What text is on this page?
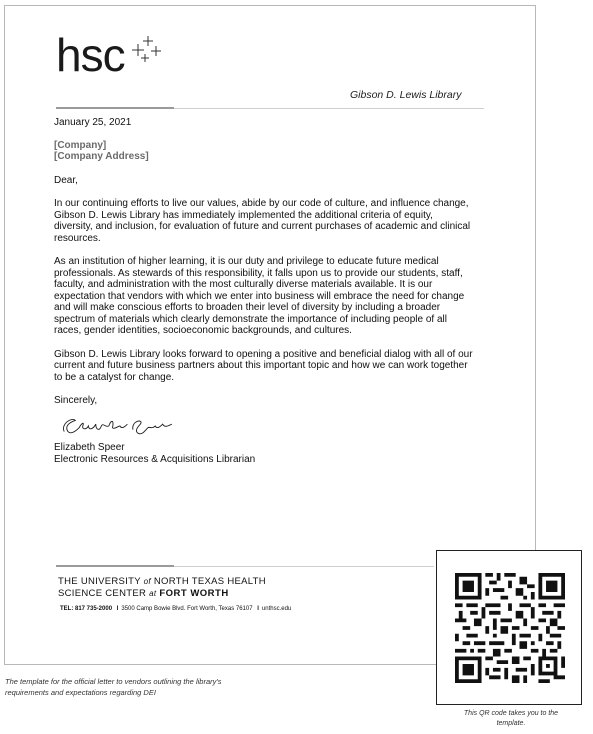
hsc
Gibson D. Lewis Library

January 25, 2021

[Company]

[Company Address]

Dear,

In our continuing efforts to live our values, abide by our code of culture, and influence change, Gibson D. Lewis Library has immediately implemented the additional criteria of equity, diversity, and inclusion, for evaluation of future and current purchases of academic and clinical resources.

As an institution of higher learning, it is our duty and privilege to educate future medical professionals. As stewards of this responsibility, it falls upon us to provide our students, staff, faculty, and administration with the most culturally diverse materials available. It is our expectation that vendors with which we enter into business will embrace the need for change and will make conscious efforts to broaden their level of diversity by including a broader spectrum of materials which clearly demonstrate the importance of including people of all races, gender identities, socioeconomic backgrounds, and cultures.

Gibson D. Lewis Library looks forward to opening a positive and beneficial dialog with all of our current and future business partners about this important topic and how we can work together to be a catalyst for change.

Sincerely,

Elizabeth Speer

Electronic Resources & Acquisitions Librarian

THE UNIVERSITY of NORTH TEXAS HEALTH
SCIENCE CENTER at FORT WORTH
TEL: 817 735-2000 I 3500 Camp Bowie Blvd. Fort Worth, Texas 76107 I unthsc.edu
The template for the official letter to vendors outlining the library's requirements and expectations regarding DEI
This QR code takes you to the template.
